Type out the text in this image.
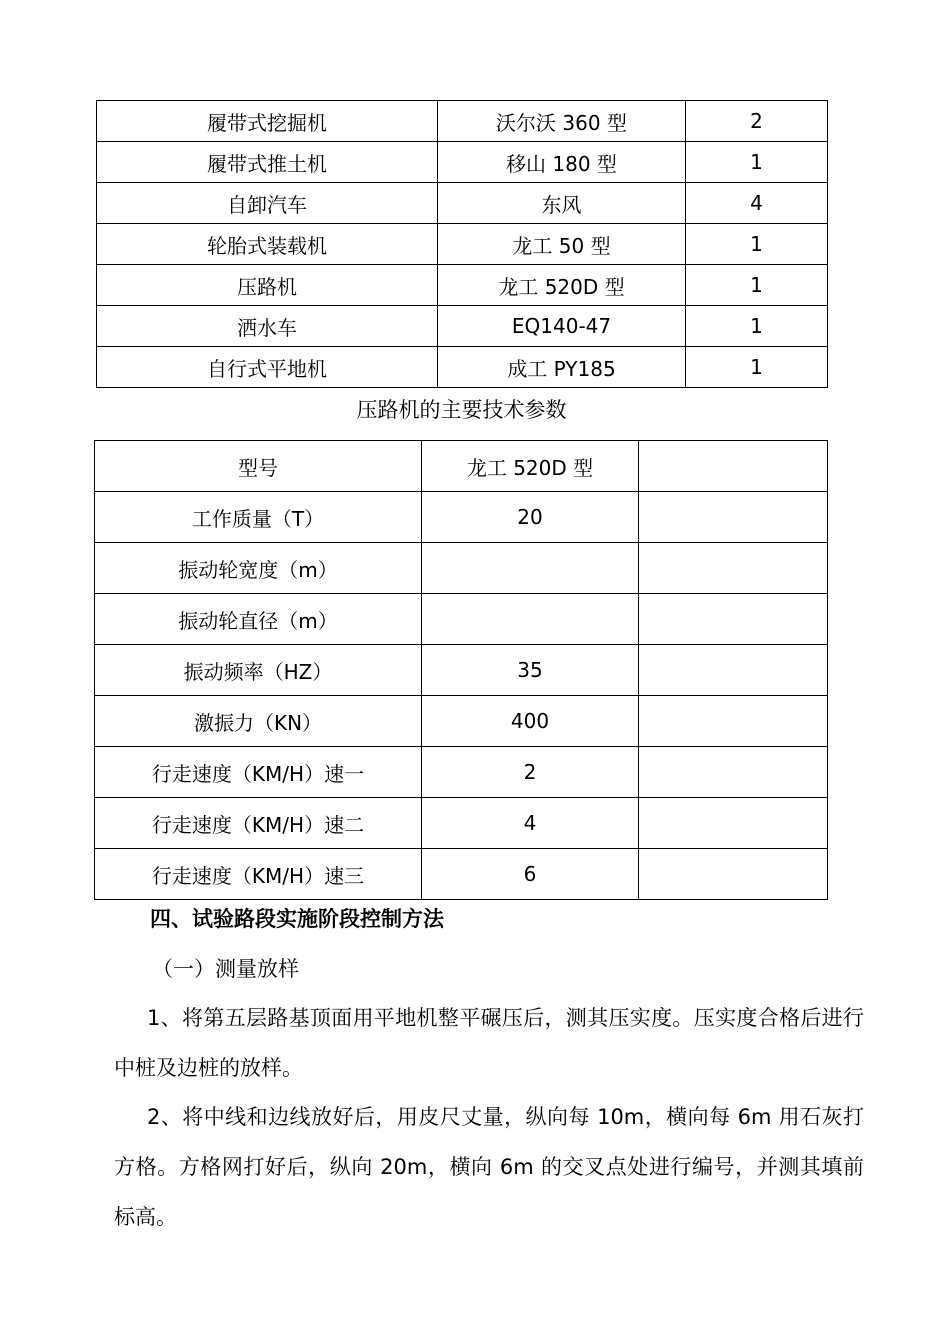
履带式挖掘机	沃尔沃 360 型	2
履带式推土机	移山 180 型	1
自卸汽车	东风	4
轮胎式装载机	龙工 50 型	1
压路机	龙工 520D 型	1
洒水车	EQ140-47	1
自行式平地机	成工 PY185	1

压路机的主要技术参数

型号	龙工 520D 型	
工作质量（T）	20	
振动轮宽度（m）		
振动轮直径（m）		
振动频率（HZ）	35	
激振力（KN）	400	
行走速度（KM/H）速一	2	
行走速度（KM/H）速二	4	
行走速度（KM/H）速三	6	

四、试验路段实施阶段控制方法

（一）测量放样

1、将第五层路基顶面用平地机整平碾压后，测其压实度。压实度合格后进行中桩及边桩的放样。

2、将中线和边线放好后，用皮尺丈量，纵向每 10m，横向每 6m 用石灰打方格。方格网打好后，纵向 20m，横向 6m 的交叉点处进行编号，并测其填前标高。
